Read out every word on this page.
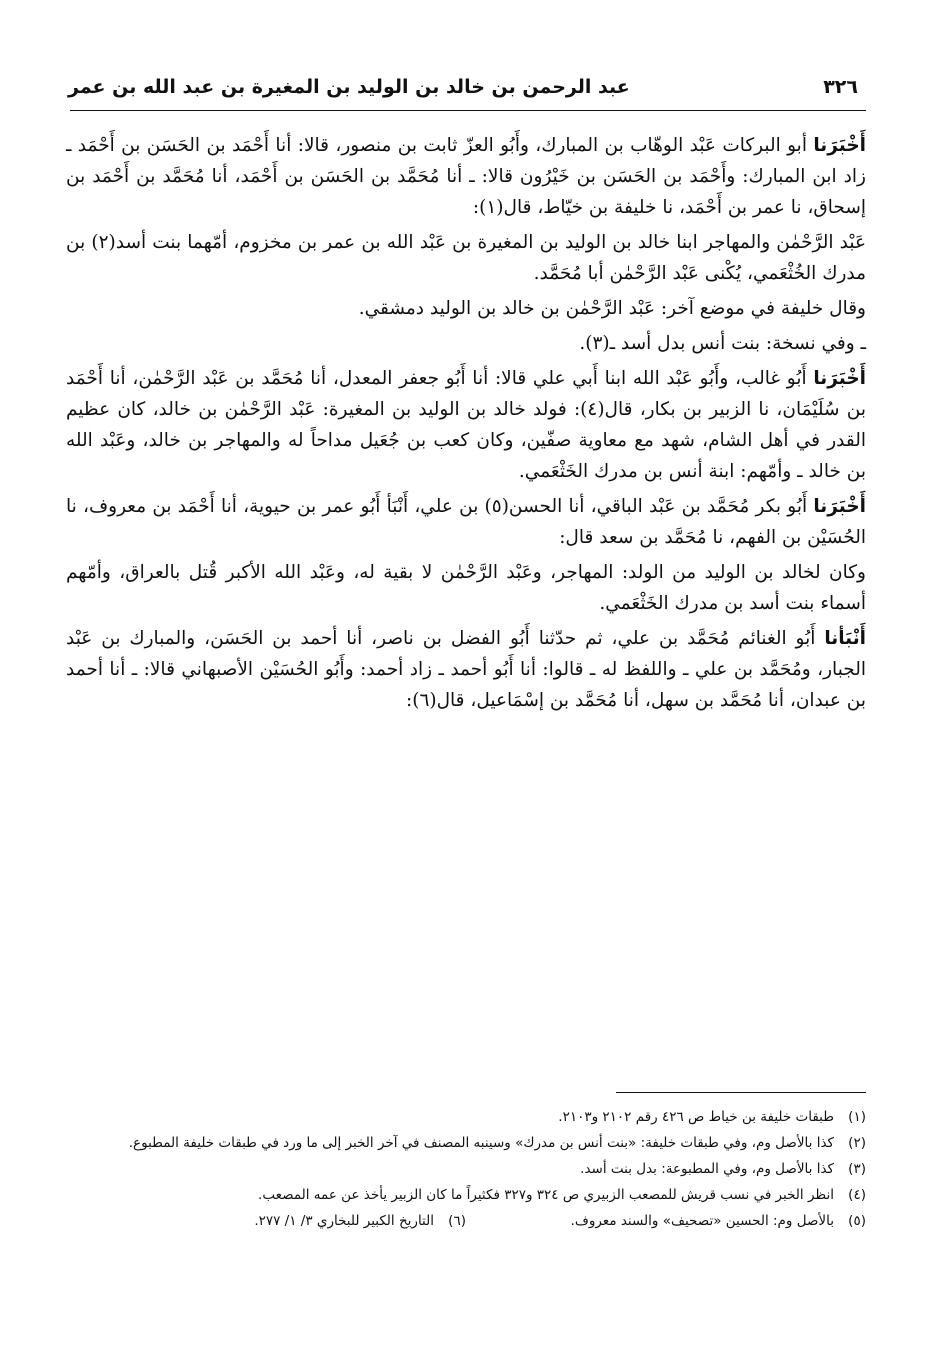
٣٢٦
عبد الرحمن بن خالد بن الوليد بن المغيرة بن عبد الله بن عمر

أَخْبَرَنا أبو البركات عَبْد الوهّاب بن المبارك، وأَبُو العزّ ثابت بن منصور، قالا: أنا أَحْمَد بن الحَسَن بن أَحْمَد ـ زاد ابن المبارك: وأَحْمَد بن الحَسَن بن خَيْرُون قالا: ـ أنا مُحَمَّد بن الحَسَن بن أَحْمَد، أنا مُحَمَّد بن أَحْمَد بن إسحاق، نا عمر بن أَحْمَد، نا خليفة بن خيّاط، قال(١):

عَبْد الرَّحْمٰن والمهاجر ابنا خالد بن الوليد بن المغيرة بن عَبْد الله بن عمر بن مخزوم، أمّهما بنت أسد(٢) بن مدرك الخُثْعَمي، يُكْنى عَبْد الرَّحْمٰن أبا مُحَمَّد.

وقال خليفة في موضع آخر: عَبْد الرَّحْمٰن بن خالد بن الوليد دمشقي.

ـ وفي نسخة: بنت أنس بدل أسد ـ(٣).

أَخْبَرَنا أَبُو غالب، وأَبُو عَبْد الله ابنا أَبي علي قالا: أنا أَبُو جعفر المعدل، أنا مُحَمَّد بن عَبْد الرَّحْمٰن، أنا أَحْمَد بن سُلَيْمَان، نا الزبير بن بكار، قال(٤): فولد خالد بن الوليد بن المغيرة: عَبْد الرَّحْمٰن بن خالد، كان عظيم القدر في أهل الشام، شهد مع معاوية صفّين، وكان كعب بن جُعَيل مداحاً له والمهاجر بن خالد، وعَبْد الله بن خالد ـ وأمّهم: ابنة أنس بن مدرك الخَثْعَمي.

أَخْبَرَنا أَبُو بكر مُحَمَّد بن عَبْد الباقي، أنا الحسن(٥) بن علي، أَنْبَأ أَبُو عمر بن حيوية، أنا أَحْمَد بن معروف، نا الحُسَيْن بن الفهم، نا مُحَمَّد بن سعد قال:

وكان لخالد بن الوليد من الولد: المهاجر، وعَبْد الرَّحْمٰن لا بقية له، وعَبْد الله الأكبر قُتل بالعراق، وأمّهم أسماء بنت أسد بن مدرك الخَثْعَمي.

أَنْبَأنا أَبُو الغنائم مُحَمَّد بن علي، ثم حدّثنا أَبُو الفضل بن ناصر، أنا أحمد بن الحَسَن، والمبارك بن عَبْد الجبار، ومُحَمَّد بن علي ـ واللفظ له ـ قالوا: أنا أَبُو أحمد ـ زاد أحمد: وأَبُو الحُسَيْن الأصبهاني قالا: ـ أنا أحمد بن عبدان، أنا مُحَمَّد بن سهل، أنا مُحَمَّد بن إسْمَاعيل، قال(٦):

(١)
طبقات خليفة بن خياط ص ٤٢٦ رقم ٢١٠٢ و٢١٠٣.
(٢)
كذا بالأصل وم، وفي طبقات خليفة: «بنت أنس بن مدرك» وسينبه المصنف في آخر الخبر إلى ما ورد في طبقات خليفة المطبوع.
(٣)
كذا بالأصل وم، وفي المطبوعة: بدل بنت أسد.
(٤)
انظر الخبر في نسب قريش للمصعب الزبيري ص ٣٢٤ و٣٢٧ فكثيراً ما كان الزبير يأخذ عن عمه المصعب.
(٥)
بالأصل وم: الحسين «تصحيف» والسند معروف.
(٦)
التاريخ الكبير للبخاري ٣/ ١/ ٢٧٧.
